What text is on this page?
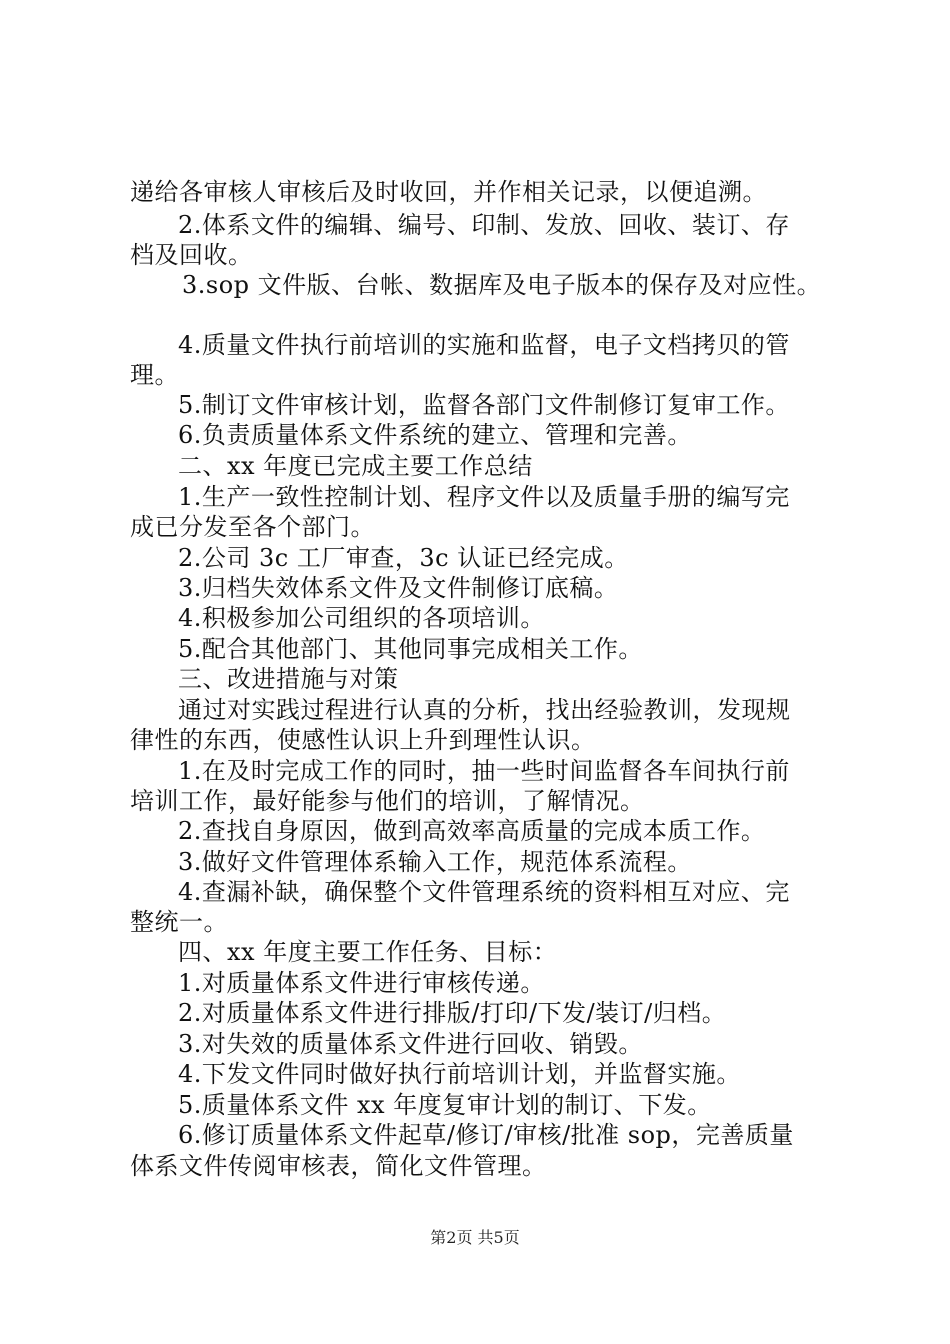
递给各审核人审核后及时收回，并作相关记录，以便追溯。
2.体系文件的编辑、编号、印制、发放、回收、装订、存
档及回收。
3.sop 文件版、台帐、数据库及电子版本的保存及对应性。
4.质量文件执行前培训的实施和监督，电子文档拷贝的管
理。
5.制订文件审核计划，监督各部门文件制修订复审工作。
6.负责质量体系文件系统的建立、管理和完善。
二、xx 年度已完成主要工作总结
1.生产一致性控制计划、程序文件以及质量手册的编写完
成已分发至各个部门。
2.公司 3c 工厂审查，3c 认证已经完成。
3.归档失效体系文件及文件制修订底稿。
4.积极参加公司组织的各项培训。
5.配合其他部门、其他同事完成相关工作。
三、改进措施与对策
通过对实践过程进行认真的分析，找出经验教训，发现规
律性的东西，使感性认识上升到理性认识。
1.在及时完成工作的同时，抽一些时间监督各车间执行前
培训工作，最好能参与他们的培训，了解情况。
2.查找自身原因，做到高效率高质量的完成本质工作。
3.做好文件管理体系输入工作，规范体系流程。
4.查漏补缺，确保整个文件管理系统的资料相互对应、完
整统一。
四、xx 年度主要工作任务、目标：
1.对质量体系文件进行审核传递。
2.对质量体系文件进行排版/打印/下发/装订/归档。
3.对失效的质量体系文件进行回收、销毁。
4.下发文件同时做好执行前培训计划，并监督实施。
5.质量体系文件 xx 年度复审计划的制订、下发。
6.修订质量体系文件起草/修订/审核/批准 sop，完善质量
体系文件传阅审核表，简化文件管理。
第2页 共5页
